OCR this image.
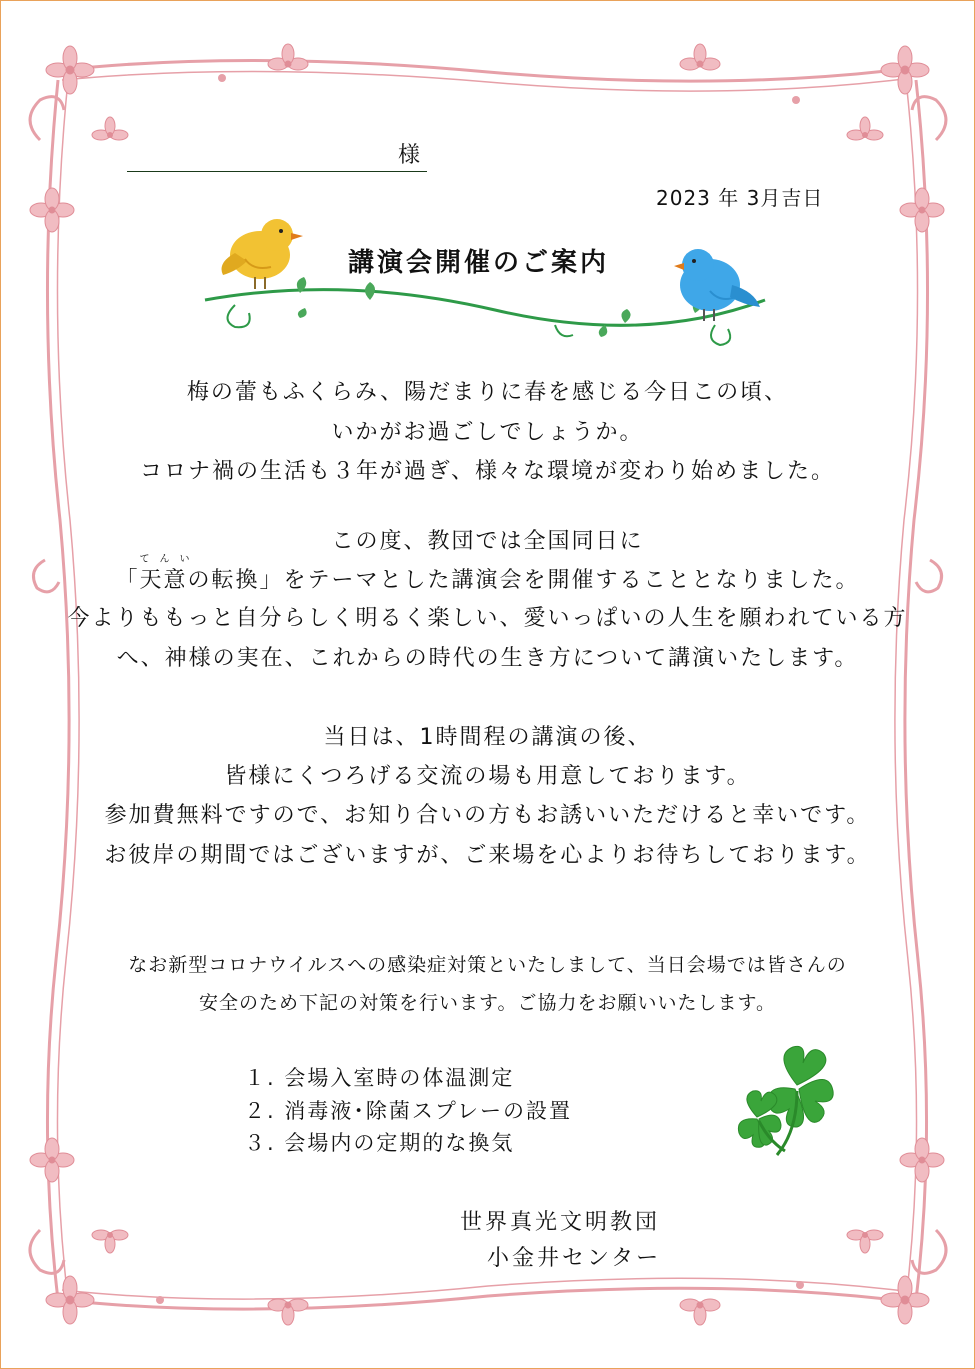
様
2023 年 3月吉日
講演会開催のご案内
梅の蕾もふくらみ、陽だまりに春を感じる今日この頃、
いかがお過ごしでしょうか。
コロナ禍の生活も３年が過ぎ、様々な環境が変わり始めました。
この度、教団では全国同日に
「
てんい
天意の転換」をテーマとした講演会を開催することとなりました。
今よりももっと自分らしく明るく楽しい、愛いっぱいの人生を願われている方
へ、神様の実在、これからの時代の生き方について講演いたします。
当日は、1時間程の講演の後、
皆様にくつろげる交流の場も用意しております。
参加費無料ですので、お知り合いの方もお誘いいただけると幸いです。
お彼岸の期間ではございますが、ご来場を心よりお待ちしております。
なお新型コロナウイルスへの感染症対策といたしまして、当日会場では皆さんの
安全のため下記の対策を行います。ご協力をお願いいたします。
１. 会場入室時の体温測定
２. 消毒液･除菌スプレーの設置
３. 会場内の定期的な換気
世界真光文明教団
小金井センター
